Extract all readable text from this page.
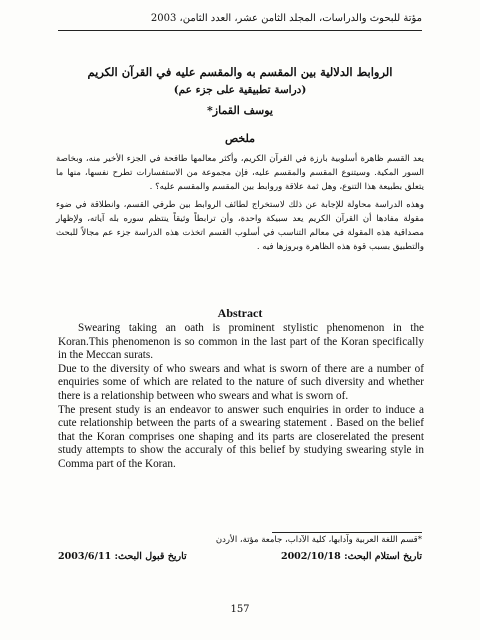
مؤتة للبحوث والدراسات، المجلد الثامن عشر، العدد الثامن، 2003
الروابط الدلالية بين المقسم به والمقسم عليه في القرآن الكريم
(دراسة تطبيقية على جزء عم)
يوسف القماز*
ملخص

يعد القسم ظاهرة أسلوبية بارزة في القرآن الكريم، وأكثر معالمها طافحة في الجزء الأخير منه، وبخاصة السور المكية. وسيتنوع المقسم والمقسم عليه، فإن مجموعة من الاستفسارات تطرح نفسها، منها ما يتعلق بطبيعة هذا التنوع، وهل ثمة علاقة وروابط بين المقسم والمقسم عليه؟ .

وهذه الدراسة محاولة للإجابة عن ذلك لاستخراج لطائف الروابط بين طرفي القسم، وانطلاقة في ضوء مقولة مفادها أن القرآن الكريم يعد سبيكة واحدة، وأن ترابطاً وثيقاً ينتظم سوره بله آياته، ولإظهار مصداقية هذه المقولة في معالم التناسب في أسلوب القسم اتخذت هذه الدراسة جزء عم مجالاً للبحث والتطبيق بسبب قوة هذه الظاهرة وبروزها فيه .

Abstract

Swearing taking an oath is prominent stylistic phenomenon in the Koran.This phenomenon is so common in the last part of the Koran specifically in the Meccan surats.

Due to the diversity of who swears and what is sworn of there are a number of enquiries some of which are related to the nature of such diversity and whether there is a relationship between who swears and what is sworn of.

The present study is an endeavor to answer such enquiries in order to induce a cute relationship between the parts of a swearing statement . Based on the belief that the Koran comprises one shaping and its parts are closerelated the present study attempts to show the accuraly of this belief by studying swearing style in Comma part of the Koran.

*قسم اللغة العربية وآدابها، كلية الآداب، جامعة مؤتة، الأردن
تاريخ استلام البحث: 2002/10/18
تاريخ قبول البحث: 2003/6/11
157
